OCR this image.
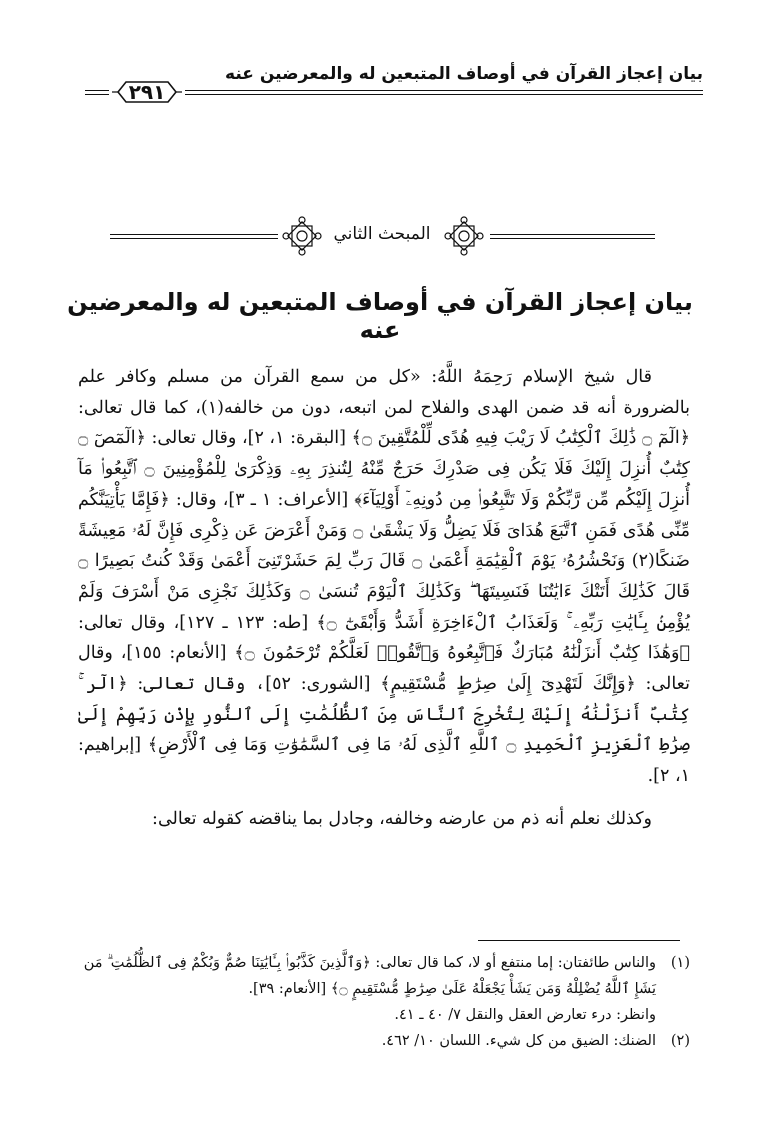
بيان إعجاز القرآن في أوصاف المتبعين له والمعرضين عنه
٢٩١
المبحث الثاني
بيان إعجاز القرآن في أوصاف المتبعين له والمعرضين عنه

قال شيخ الإسلام رَحِمَهُ اللَّهُ: «كل من سمع القرآن من مسلم وكافر علم بالضرورة أنه قد ضمن الهدى والفلاح لمن اتبعه، دون من خالفه(١)، كما قال تعالى: ﴿الٓمٓ ۝ ذَٰلِكَ ٱلْكِتَٰبُ لَا رَيْبَ فِيهِ هُدًى لِّلْمُتَّقِينَ ۝﴾ [البقرة: ١، ٢]، وقال تعالى: ﴿الٓمٓصٓ ۝ كِتَٰبٌ أُنزِلَ إِلَيْكَ فَلَا يَكُن فِى صَدْرِكَ حَرَجٌ مِّنْهُ لِتُنذِرَ بِهِۦ وَذِكْرَىٰ لِلْمُؤْمِنِينَ ۝ ٱتَّبِعُوا۟ مَآ أُنزِلَ إِلَيْكُم مِّن رَّبِّكُمْ وَلَا تَتَّبِعُوا۟ مِن دُونِهِۦٓ أَوْلِيَآءَ﴾ [الأعراف: ١ ـ ٣]، وقال: ﴿فَإِمَّا يَأْتِيَنَّكُم مِّنِّى هُدًى فَمَنِ ٱتَّبَعَ هُدَاىَ فَلَا يَضِلُّ وَلَا يَشْقَىٰ ۝ وَمَنْ أَعْرَضَ عَن ذِكْرِى فَإِنَّ لَهُۥ مَعِيشَةً ضَنكًا(٢) وَنَحْشُرُهُۥ يَوْمَ ٱلْقِيَٰمَةِ أَعْمَىٰ ۝ قَالَ رَبِّ لِمَ حَشَرْتَنِىٓ أَعْمَىٰ وَقَدْ كُنتُ بَصِيرًا ۝ قَالَ كَذَٰلِكَ أَتَتْكَ ءَايَٰتُنَا فَنَسِيتَهَا ۖ وَكَذَٰلِكَ ٱلْيَوْمَ تُنسَىٰ ۝ وَكَذَٰلِكَ نَجْزِى مَنْ أَسْرَفَ وَلَمْ يُؤْمِنۢ بِـَٔايَٰتِ رَبِّهِۦ ۚ وَلَعَذَابُ ٱلْءَاخِرَةِ أَشَدُّ وَأَبْقَىٰٓ ۝﴾ [طه: ١٢٣ ـ ١٢٧]، وقال تعالى: ﴿وَهَٰذَا كِتَٰبٌ أَنزَلْنَٰهُ مُبَارَكٌ فَٱتَّبِعُوهُ وَٱتَّقُوا۟ لَعَلَّكُمْ تُرْحَمُونَ ۝﴾ [الأنعام: ١٥٥]، وقال تعالى: ﴿وَإِنَّكَ لَتَهْدِىٓ إِلَىٰ صِرَٰطٍ مُّسْتَقِيمٍ﴾ [الشورى: ٥٢]، وقال تعالى: ﴿الٓر ۚ كِتَٰبٌ أَنزَلْنَٰهُ إِلَيْكَ لِتُخْرِجَ ٱلنَّاسَ مِنَ ٱلظُّلُمَٰتِ إِلَى ٱلنُّورِ بِإِذْنِ رَبِّهِمْ إِلَىٰ صِرَٰطِ ٱلْعَزِيزِ ٱلْحَمِيدِ ۝ ٱللَّهِ ٱلَّذِى لَهُۥ مَا فِى ٱلسَّمَٰوَٰتِ وَمَا فِى ٱلْأَرْضِ﴾ [إبراهيم: ١، ٢].

وكذلك نعلم أنه ذم من عارضه وخالفه، وجادل بما يناقضه كقوله تعالى:

(١)
والناس طائفتان: إما منتفع أو لا، كما قال تعالى: ﴿وَٱلَّذِينَ كَذَّبُوا۟ بِـَٔايَٰتِنَا صُمٌّ وَبُكْمٌ فِى ٱلظُّلُمَٰتِ ۗ مَن يَشَإِ ٱللَّهُ يُضْلِلْهُ وَمَن يَشَأْ يَجْعَلْهُ عَلَىٰ صِرَٰطٍ مُّسْتَقِيمٍ ۝﴾ [الأنعام: ٣٩].
وانظر: درء تعارض العقل والنقل ٧/ ٤٠ ـ ٤١.

(٢)
الضنك: الضيق من كل شيء. اللسان ١٠/ ٤٦٢.
